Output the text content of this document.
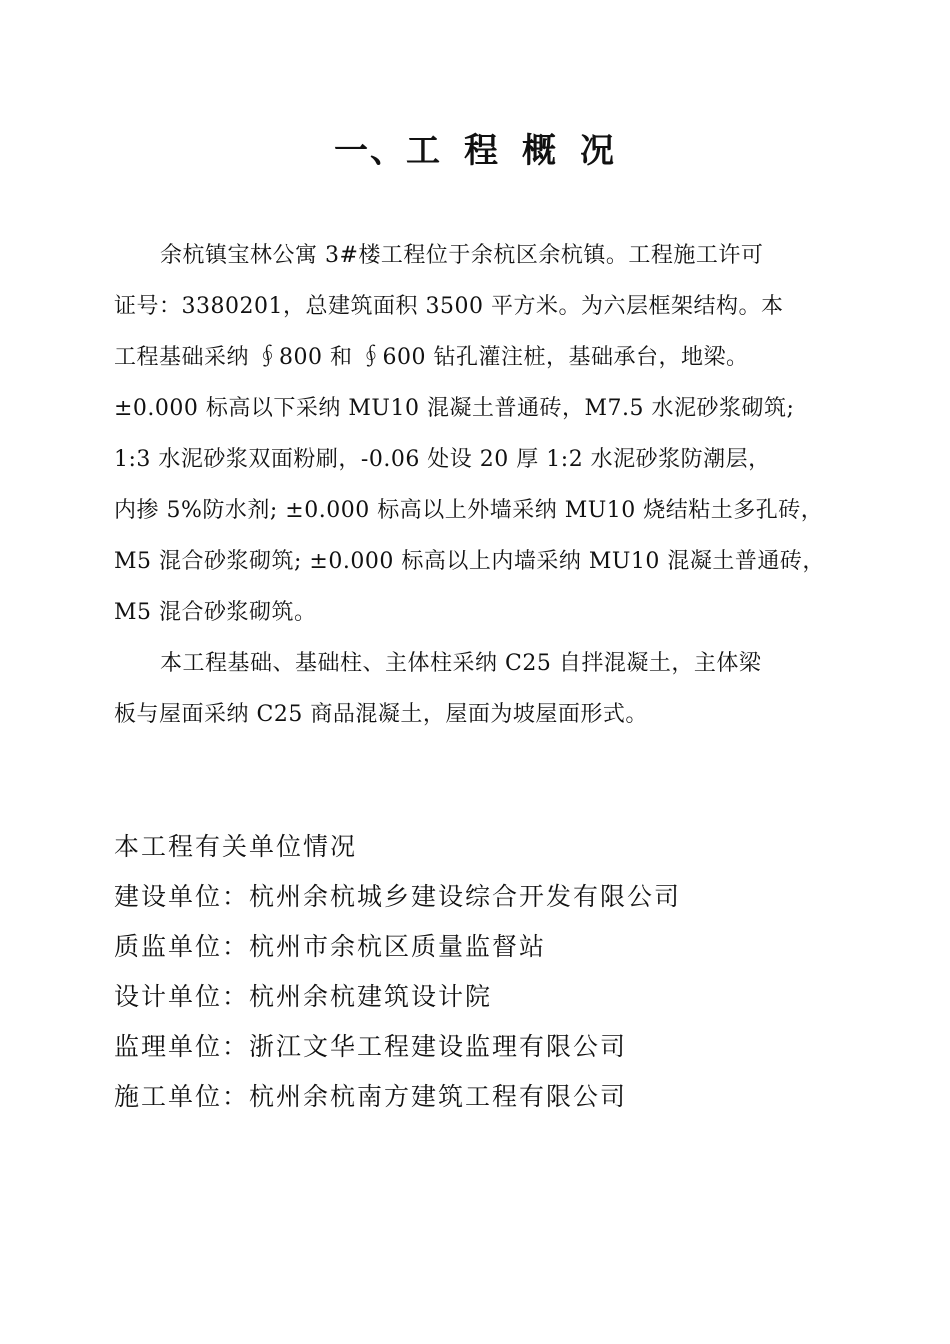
一、工 程 概 况
余杭镇宝林公寓 3#楼工程位于余杭区余杭镇。工程施工许可
证号：3380201，总建筑面积 3500 平方米。为六层框架结构。本
工程基础采纳 ∮800 和 ∮600 钻孔灌注桩，基础承台，地梁。
±0.000 标高以下采纳 MU10 混凝土普通砖，M7.5 水泥砂浆砌筑;
1:3 水泥砂浆双面粉刷，-0.06 处设 20 厚 1:2 水泥砂浆防潮层，
内掺 5%防水剂; ±0.000 标高以上外墙采纳 MU10 烧结粘土多孔砖，
M5 混合砂浆砌筑; ±0.000 标高以上内墙采纳 MU10 混凝土普通砖，
M5 混合砂浆砌筑。
本工程基础、基础柱、主体柱采纳 C25 自拌混凝土，主体梁
板与屋面采纳 C25 商品混凝土，屋面为坡屋面形式。
本工程有关单位情况
建设单位：杭州余杭城乡建设综合开发有限公司
质监单位：杭州市余杭区质量监督站
设计单位：杭州余杭建筑设计院
监理单位：浙江文华工程建设监理有限公司
施工单位：杭州余杭南方建筑工程有限公司
